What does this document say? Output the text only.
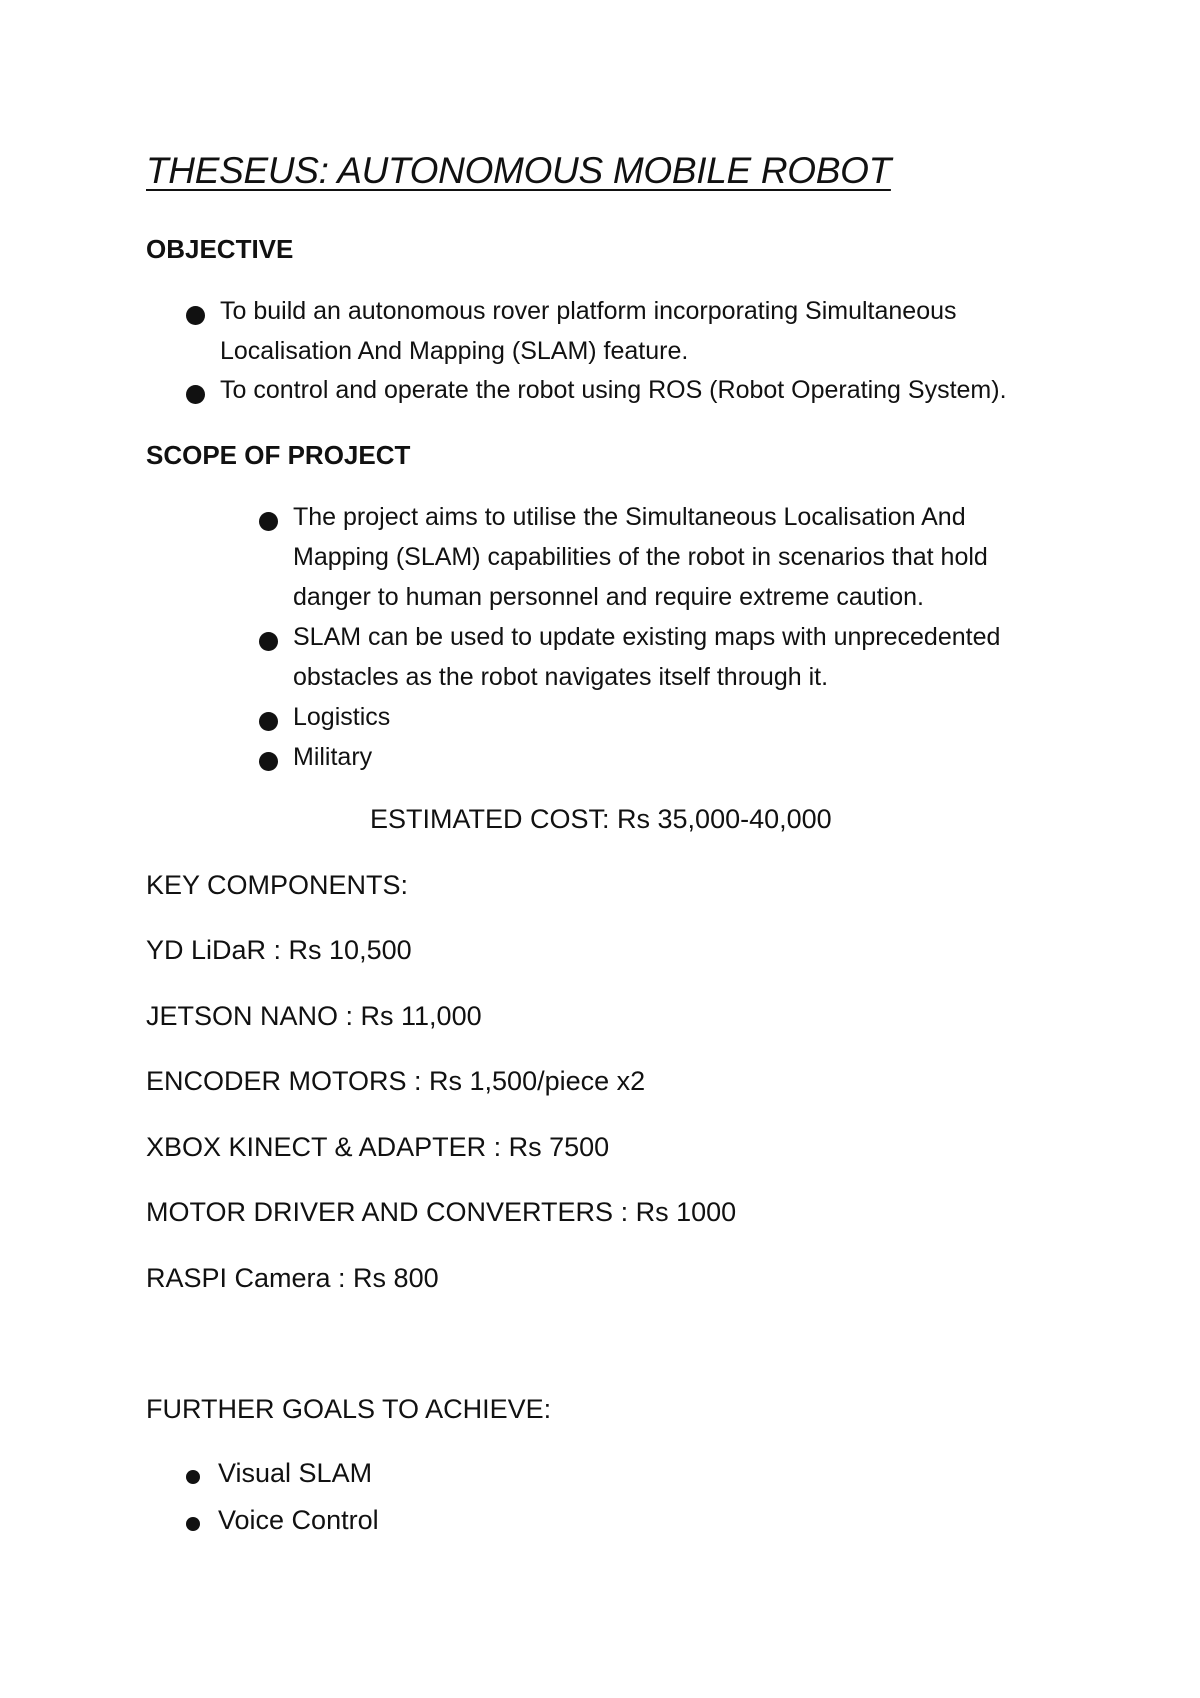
THESEUS: AUTONOMOUS MOBILE ROBOT
OBJECTIVE
To build an autonomous rover platform incorporating Simultaneous
Localisation And Mapping (SLAM) feature.
To control and operate the robot using ROS (Robot Operating System).
SCOPE OF PROJECT
The project aims to utilise the Simultaneous Localisation And
Mapping (SLAM) capabilities of the robot in scenarios that hold
danger to human personnel and require extreme caution.
SLAM can be used to update existing maps with unprecedented
obstacles as the robot navigates itself through it.
Logistics
Military
ESTIMATED COST: Rs 35,000-40,000
KEY COMPONENTS:
YD LiDaR : Rs 10,500
JETSON NANO : Rs 11,000
ENCODER MOTORS : Rs 1,500/piece x2
XBOX KINECT & ADAPTER : Rs 7500
MOTOR DRIVER AND CONVERTERS : Rs 1000
RASPI Camera : Rs 800
FURTHER GOALS TO ACHIEVE:
Visual SLAM
Voice Control
